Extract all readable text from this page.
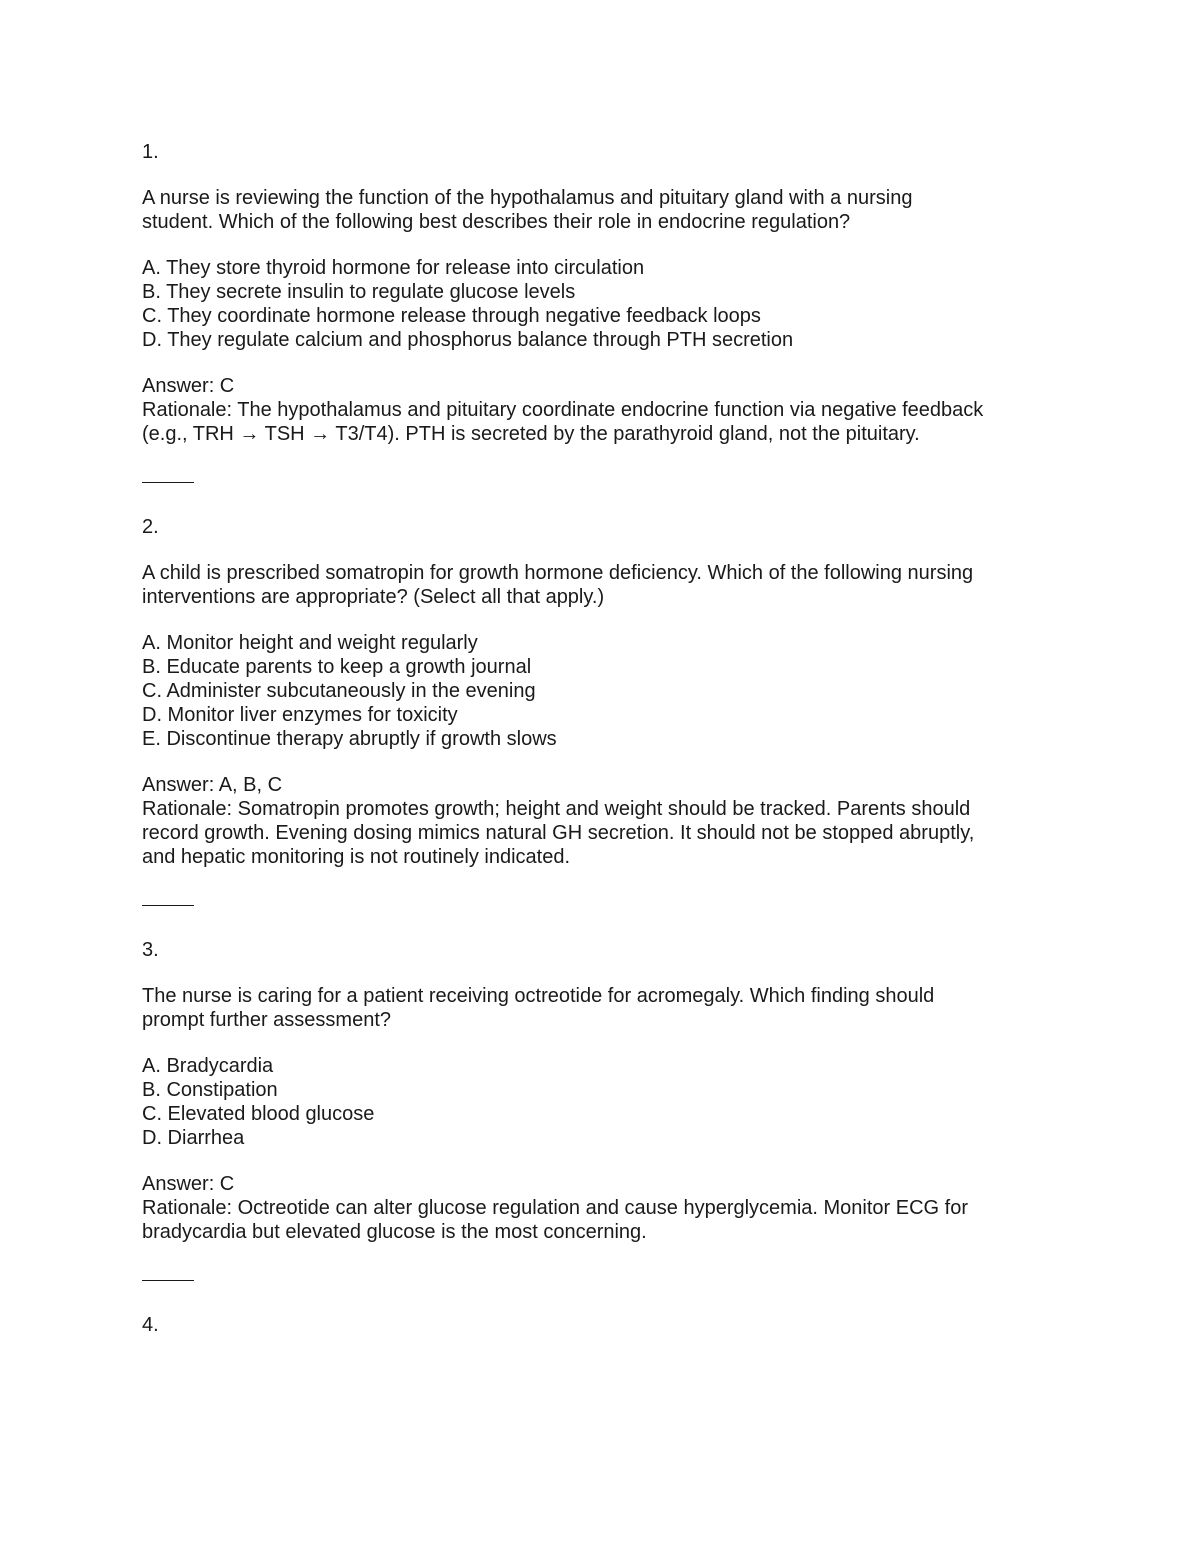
1.

A nurse is reviewing the function of the hypothalamus and pituitary gland with a nursing
student. Which of the following best describes their role in endocrine regulation?

A. They store thyroid hormone for release into circulation
B. They secrete insulin to regulate glucose levels
C. They coordinate hormone release through negative feedback loops
D. They regulate calcium and phosphorus balance through PTH secretion

Answer: C

Rationale: The hypothalamus and pituitary coordinate endocrine function via negative feedback
(e.g., TRH → TSH → T3/T4). PTH is secreted by the parathyroid gland, not the pituitary.

2.

A child is prescribed somatropin for growth hormone deficiency. Which of the following nursing
interventions are appropriate? (Select all that apply.)

A. Monitor height and weight regularly
B. Educate parents to keep a growth journal
C. Administer subcutaneously in the evening
D. Monitor liver enzymes for toxicity
E. Discontinue therapy abruptly if growth slows

Answer: A, B, C

Rationale: Somatropin promotes growth; height and weight should be tracked. Parents should
record growth. Evening dosing mimics natural GH secretion. It should not be stopped abruptly,
and hepatic monitoring is not routinely indicated.

3.

The nurse is caring for a patient receiving octreotide for acromegaly. Which finding should
prompt further assessment?

A. Bradycardia
B. Constipation
C. Elevated blood glucose
D. Diarrhea

Answer: C

Rationale: Octreotide can alter glucose regulation and cause hyperglycemia. Monitor ECG for
bradycardia but elevated glucose is the most concerning.

4.
